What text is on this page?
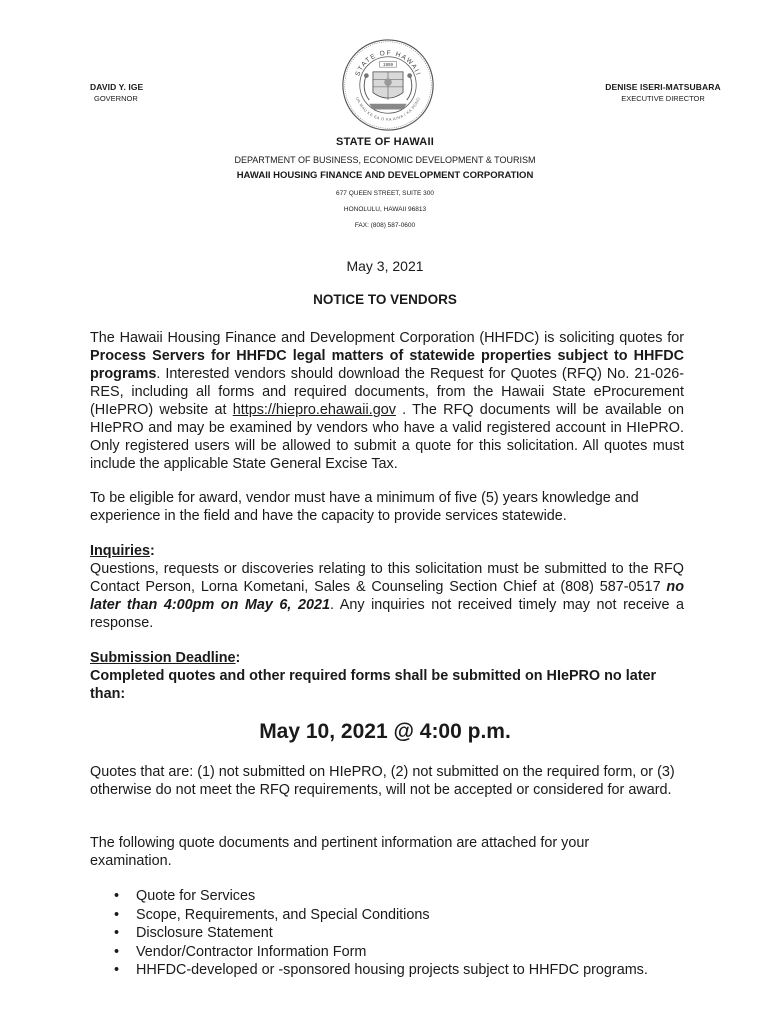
STATE OF HAWAII
UA MAU KE EA O KA AINA I KA PONO
1959
DAVID Y. IGE
GOVERNOR
DENISE ISERI-MATSUBARA
EXECUTIVE DIRECTOR
STATE OF HAWAII
DEPARTMENT OF BUSINESS, ECONOMIC DEVELOPMENT & TOURISM
HAWAII HOUSING FINANCE AND DEVELOPMENT CORPORATION
677 QUEEN STREET, SUITE 300
HONOLULU, HAWAII 96813
FAX: (808) 587-0600
May 3, 2021
NOTICE TO VENDORS
The Hawaii Housing Finance and Development Corporation (HHFDC) is soliciting quotes for Process Servers for HHFDC legal matters of statewide properties subject to HHFDC programs. Interested vendors should download the Request for Quotes (RFQ) No. 21-026-RES, including all forms and required documents, from the Hawaii State eProcurement (HIePRO) website at https://hiepro.ehawaii.gov . The RFQ documents will be available on HIePRO and may be examined by vendors who have a valid registered account in HIePRO. Only registered users will be allowed to submit a quote for this solicitation. All quotes must include the applicable State General Excise Tax.
To be eligible for award, vendor must have a minimum of five (5) years knowledge and experience in the field and have the capacity to provide services statewide.
Inquiries:
Questions, requests or discoveries relating to this solicitation must be submitted to the RFQ Contact Person, Lorna Kometani, Sales & Counseling Section Chief at (808) 587-0517 no later than 4:00pm on May 6, 2021. Any inquiries not received timely may not receive a response.
Submission Deadline:
Completed quotes and other required forms shall be submitted on HIePRO no later than:
May 10, 2021 @ 4:00 p.m.
Quotes that are: (1) not submitted on HIePRO, (2) not submitted on the required form, or (3) otherwise do not meet the RFQ requirements, will not be accepted or considered for award.
The following quote documents and pertinent information are attached for your examination.
• Quote for Services
• Scope, Requirements, and Special Conditions
• Disclosure Statement
• Vendor/Contractor Information Form
• HHFDC-developed or -sponsored housing projects subject to HHFDC programs.
